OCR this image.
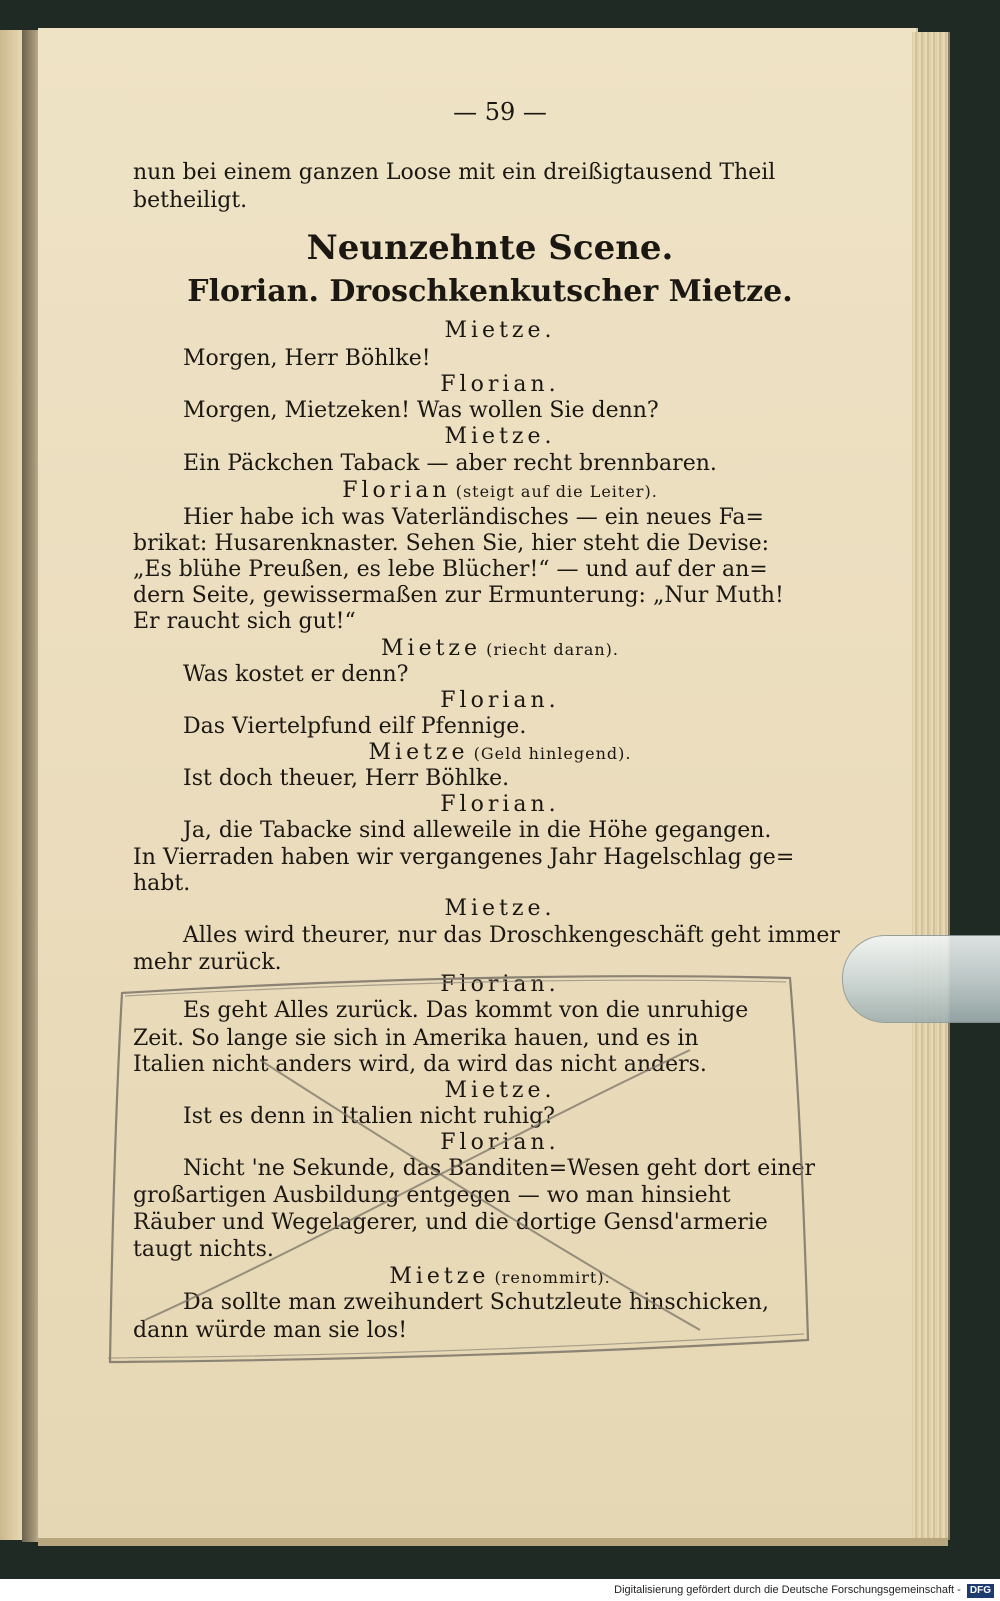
— 59 —
nun bei einem ganzen Loose mit ein dreißigtausend Theil
betheiligt.
Neunzehnte Scene.
Florian. Droschkenkutscher Mietze.
Mietze.
Morgen, Herr Böhlke!
Florian.
Morgen, Mietzeken! Was wollen Sie denn?
Mietze.
Ein Päckchen Taback — aber recht brennbaren.
Florian (steigt auf die Leiter).
Hier habe ich was Vaterländisches — ein neues Fa=
brikat: Husarenknaster. Sehen Sie, hier steht die Devise:
„Es blühe Preußen, es lebe Blücher!“ — und auf der an=
dern Seite, gewissermaßen zur Ermunterung: „Nur Muth!
Er raucht sich gut!“
Mietze (riecht daran).
Was kostet er denn?
Florian.
Das Viertelpfund eilf Pfennige.
Mietze (Geld hinlegend).
Ist doch theuer, Herr Böhlke.
Florian.
Ja, die Tabacke sind alleweile in die Höhe gegangen.
In Vierraden haben wir vergangenes Jahr Hagelschlag ge=
habt.
Mietze.
Alles wird theurer, nur das Droschkengeschäft geht immer
mehr zurück.
Florian.
Es geht Alles zurück. Das kommt von die unruhige
Zeit. So lange sie sich in Amerika hauen, und es in
Italien nicht anders wird, da wird das nicht anders.
Mietze.
Ist es denn in Italien nicht ruhig?
Florian.
Nicht 'ne Sekunde, das Banditen=Wesen geht dort einer
großartigen Ausbildung entgegen — wo man hinsieht
Räuber und Wegelagerer, und die dortige Gensd'armerie
taugt nichts.
Mietze (renommirt).
Da sollte man zweihundert Schutzleute hinschicken,
dann würde man sie los!
Digitalisierung gefördert durch die Deutsche Forschungsgemeinschaft - DFG
